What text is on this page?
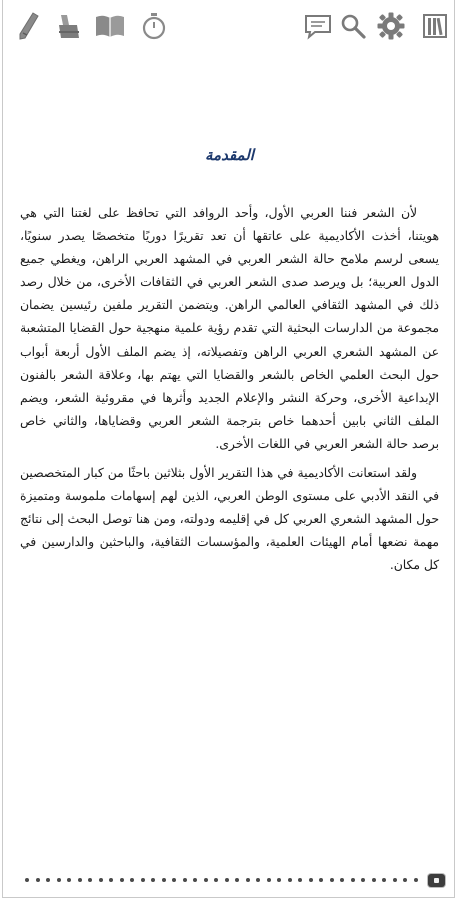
المقدمة

لأن الشعر فننا العربي الأول، وأحد الروافد التي تحافظ على لغتنا التي هي هويتنا، أخذت الأكاديمية على عاتقها أن تعد تقريرًا دوريًا متخصصًا يصدر سنويًا، يسعى لرسم ملامح حالة الشعر العربي في المشهد العربي الراهن، ويغطي جميع الدول العربية؛ بل ويرصد صدى الشعر العربي في الثقافات الأخرى، من خلال رصد ذلك في المشهد الثقافي العالمي الراهن. ويتضمن التقرير ملفين رئيسين يضمان مجموعة من الدارسات البحثية التي تقدم رؤية علمية منهجية حول القضايا المتشعبة عن المشهد الشعري العربي الراهن وتفصيلاته، إذ يضم الملف الأول أربعة أبواب حول البحث العلمي الخاص بالشعر والقضايا التي يهتم بها، وعلاقة الشعر بالفنون الإبداعية الأخرى، وحركة النشر والإعلام الجديد وأثرها في مقروئية الشعر، ويضم الملف الثاني بابين أحدهما خاص بترجمة الشعر العربي وقضاياها، والثاني خاص برصد حالة الشعر العربي في اللغات الأخرى.

ولقد استعانت الأكاديمية في هذا التقرير الأول بثلاثين باحثًا من كبار المتخصصين في النقد الأدبي على مستوى الوطن العربي، الذين لهم إسهامات ملموسة ومتميزة حول المشهد الشعري العربي كل في إقليمه ودولته، ومن هنا توصل البحث إلى نتائج مهمة نضعها أمام الهيئات العلمية، والمؤسسات الثقافية، والباحثين والدارسين في كل مكان.
